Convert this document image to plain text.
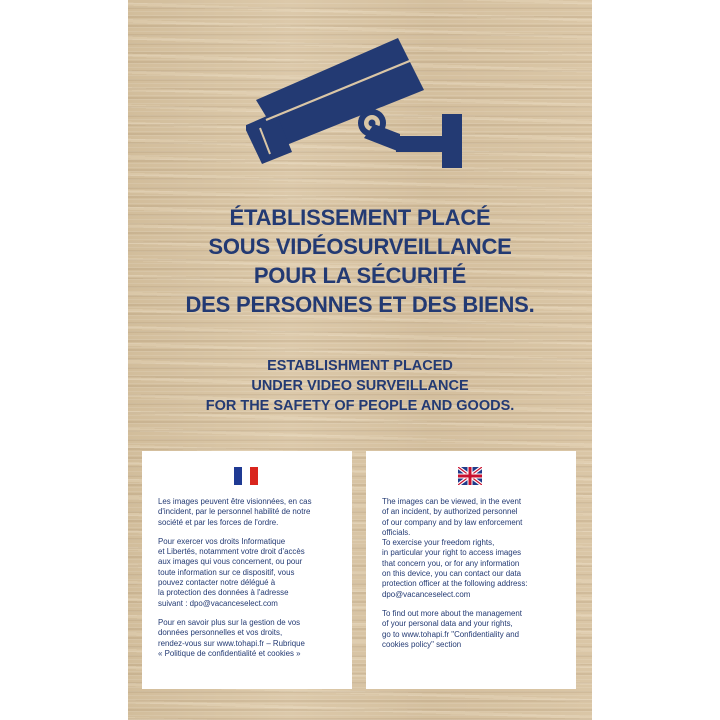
ÉTABLISSEMENT PLACÉ
SOUS VIDÉOSURVEILLANCE
POUR LA SÉCURITÉ
DES PERSONNES ET DES BIENS.
ESTABLISHMENT PLACED
UNDER VIDEO SURVEILLANCE
FOR THE SAFETY OF PEOPLE AND GOODS.

Les images peuvent être visionnées, en cas
d'incident, par le personnel habilité de notre
société et par les forces de l'ordre.

Pour exercer vos droits Informatique
et Libertés, notamment votre droit d'accès
aux images qui vous concernent, ou pour
toute information sur ce dispositif, vous
pouvez contacter notre délégué à
la protection des données à l'adresse
suivant : dpo@vacanceselect.com

Pour en savoir plus sur la gestion de vos
données personnelles et vos droits,
rendez-vous sur www.tohapi.fr – Rubrique
« Politique de confidentialité et cookies »

The images can be viewed, in the event
of an incident, by authorized personnel
of our company and by law enforcement
officials.
To exercise your freedom rights,
in particular your right to access images
that concern you, or for any information
on this device, you can contact our data
protection officer at the following address:
dpo@vacanceselect.com

To find out more about the management
of your personal data and your rights,
go to www.tohapi.fr "Confidentiality and
cookies policy" section
